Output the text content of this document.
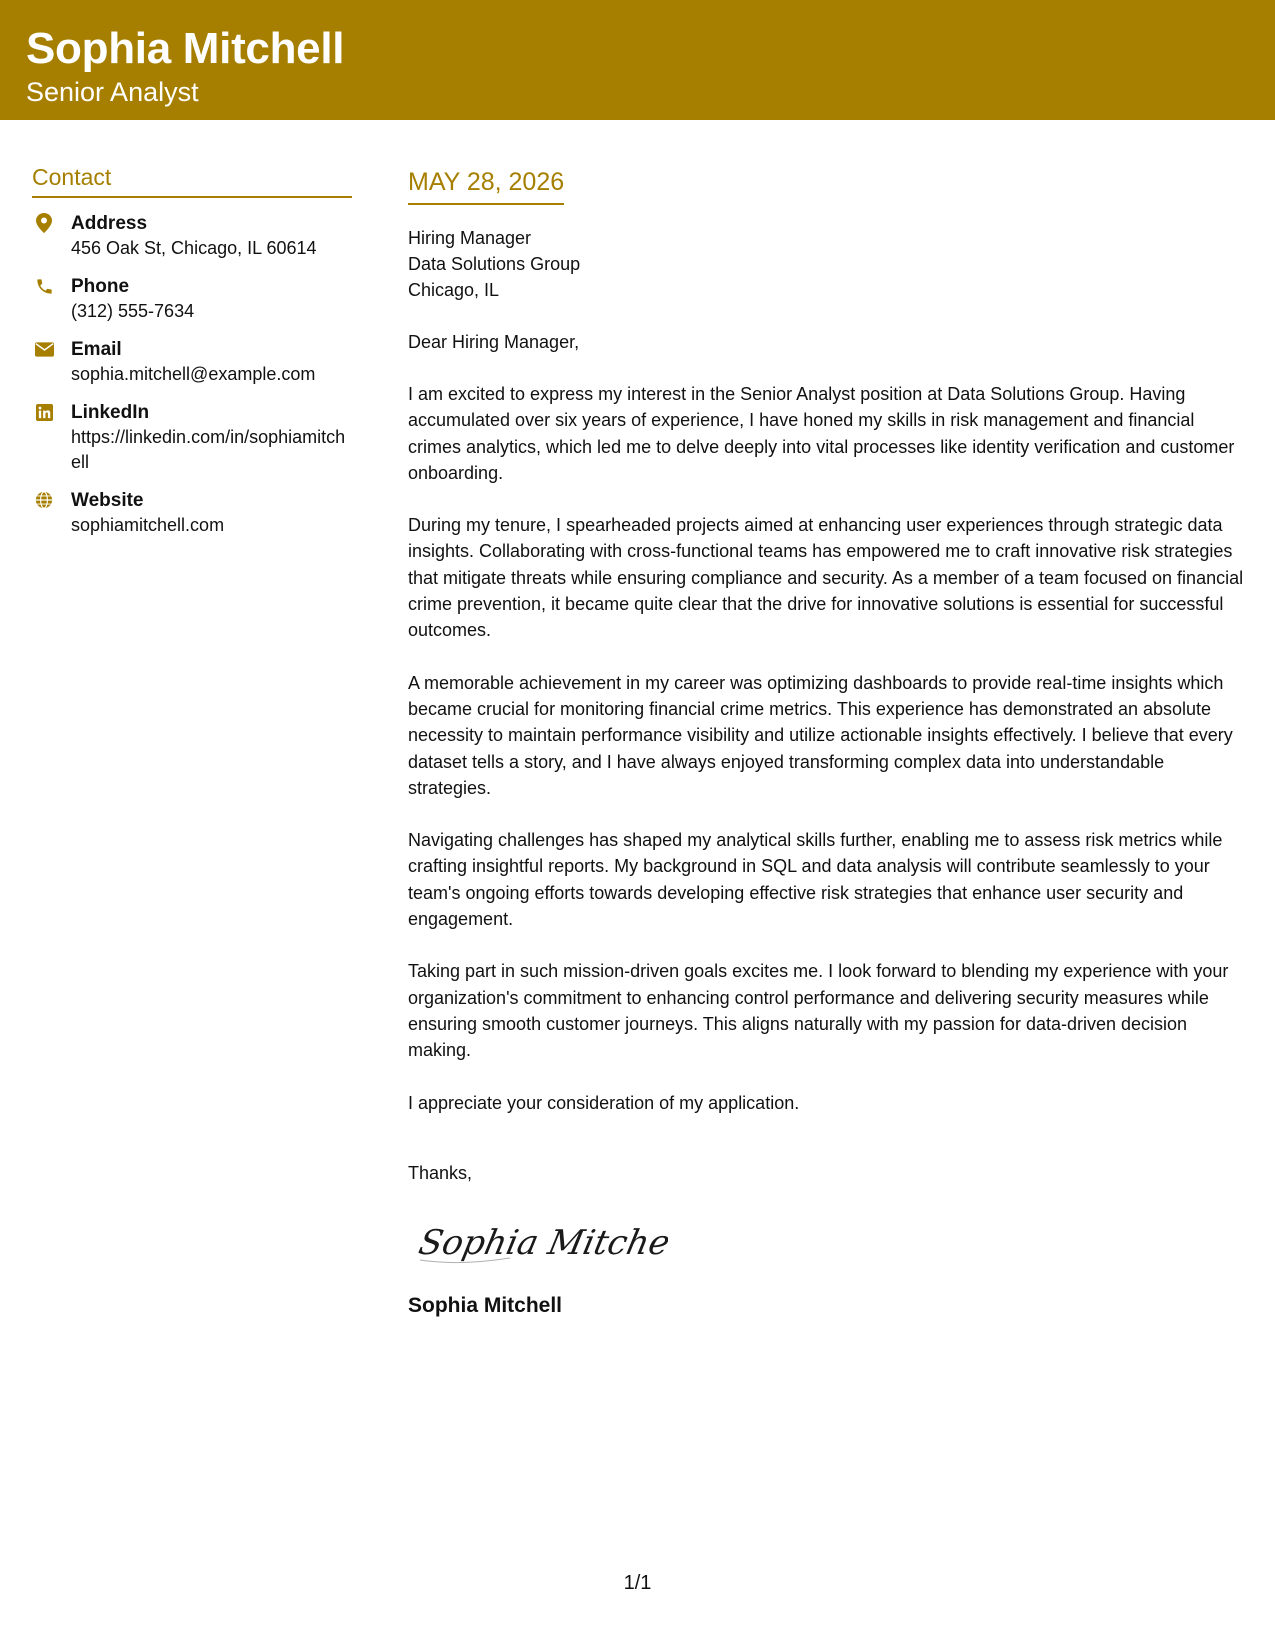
Sophia Mitchell
Senior Analyst
Contact
Address
456 Oak St, Chicago, IL 60614
Phone
(312) 555-7634
Email
sophia.mitchell@example.com
LinkedIn
https://linkedin.com/in/sophiamitchell
Website
sophiamitchell.com
MAY 28, 2026
Hiring Manager
Data Solutions Group
Chicago, IL
Dear Hiring Manager,

I am excited to express my interest in the Senior Analyst position at Data Solutions Group. Having accumulated over six years of experience, I have honed my skills in risk management and financial crimes analytics, which led me to delve deeply into vital processes like identity verification and customer onboarding.

During my tenure, I spearheaded projects aimed at enhancing user experiences through strategic data insights. Collaborating with cross-functional teams has empowered me to craft innovative risk strategies that mitigate threats while ensuring compliance and security. As a member of a team focused on financial crime prevention, it became quite clear that the drive for innovative solutions is essential for successful outcomes.

A memorable achievement in my career was optimizing dashboards to provide real-time insights which became crucial for monitoring financial crime metrics. This experience has demonstrated an absolute necessity to maintain performance visibility and utilize actionable insights effectively. I believe that every dataset tells a story, and I have always enjoyed transforming complex data into understandable strategies.

Navigating challenges has shaped my analytical skills further, enabling me to assess risk metrics while crafting insightful reports. My background in SQL and data analysis will contribute seamlessly to your team's ongoing efforts towards developing effective risk strategies that enhance user security and engagement.

Taking part in such mission-driven goals excites me. I look forward to blending my experience with your organization's commitment to enhancing control performance and delivering security measures while ensuring smooth customer journeys. This aligns naturally with my passion for data-driven decision making.

I appreciate your consideration of my application.

Thanks,
Sophia Mitchell
Sophia Mitchell
1/1
